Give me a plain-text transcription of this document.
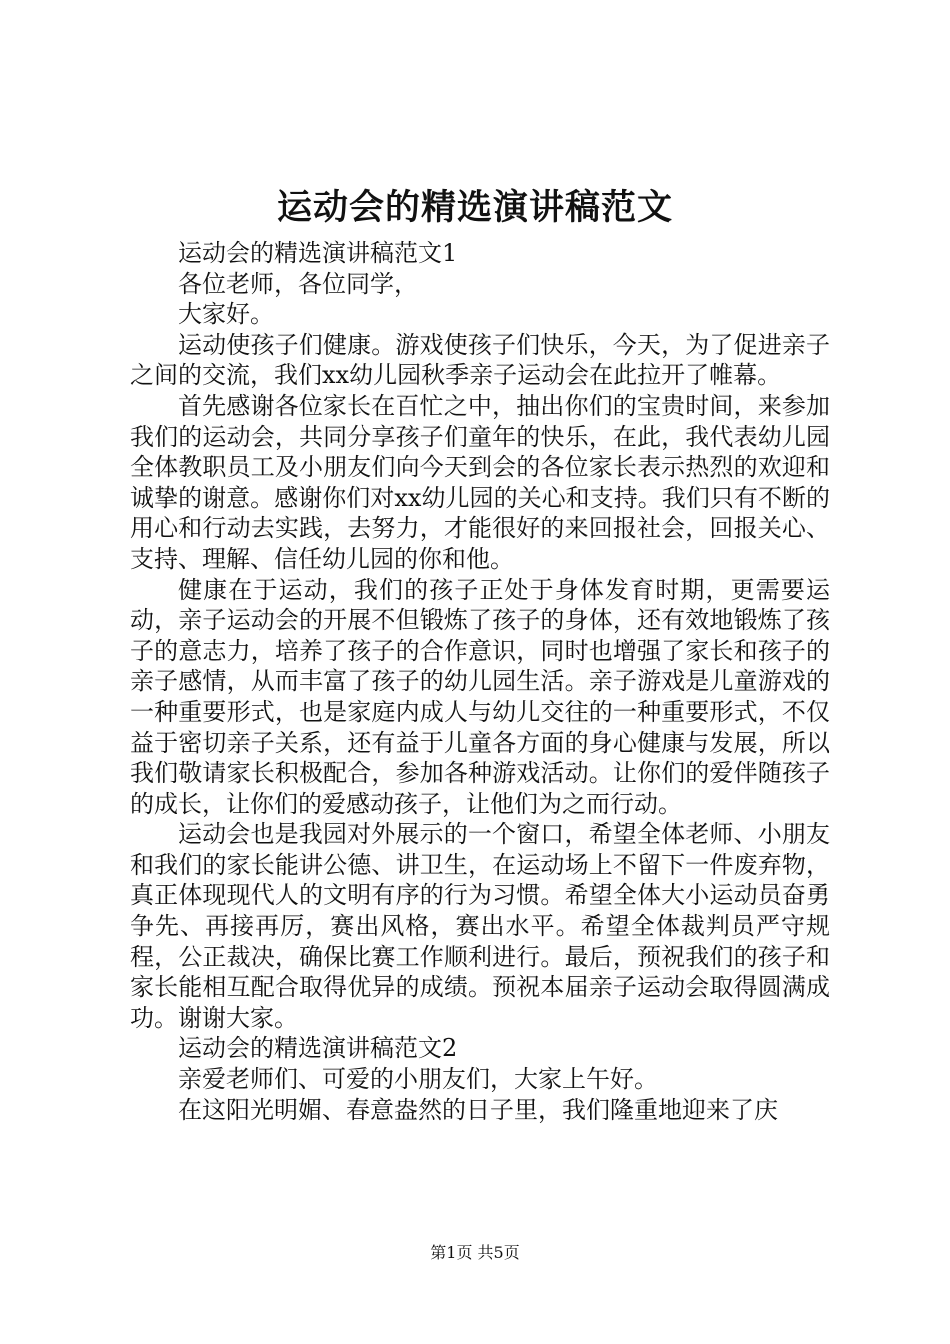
运动会的精选演讲稿范文

运动会的精选演讲稿范文1

各位老师，各位同学，

大家好。

运动使孩子们健康。游戏使孩子们快乐，今天，为了促进亲子之间的交流，我们xx幼儿园秋季亲子运动会在此拉开了帷幕。

首先感谢各位家长在百忙之中，抽出你们的宝贵时间，来参加我们的运动会，共同分享孩子们童年的快乐，在此，我代表幼儿园全体教职员工及小朋友们向今天到会的各位家长表示热烈的欢迎和诚挚的谢意。感谢你们对xx幼儿园的关心和支持。我们只有不断的用心和行动去实践，去努力，才能很好的来回报社会，回报关心、支持、理解、信任幼儿园的你和他。

健康在于运动，我们的孩子正处于身体发育时期，更需要运动，亲子运动会的开展不但锻炼了孩子的身体，还有效地锻炼了孩子的意志力，培养了孩子的合作意识，同时也增强了家长和孩子的亲子感情，从而丰富了孩子的幼儿园生活。亲子游戏是儿童游戏的一种重要形式，也是家庭内成人与幼儿交往的一种重要形式，不仅益于密切亲子关系，还有益于儿童各方面的身心健康与发展，所以我们敬请家长积极配合，参加各种游戏活动。让你们的爱伴随孩子的成长，让你们的爱感动孩子，让他们为之而行动。

运动会也是我园对外展示的一个窗口，希望全体老师、小朋友和我们的家长能讲公德、讲卫生，在运动场上不留下一件废弃物，真正体现现代人的文明有序的行为习惯。希望全体大小运动员奋勇争先、再接再厉，赛出风格，赛出水平。希望全体裁判员严守规程，公正裁决，确保比赛工作顺利进行。最后，预祝我们的孩子和家长能相互配合取得优异的成绩。预祝本届亲子运动会取得圆满成功。谢谢大家。

运动会的精选演讲稿范文2

亲爱老师们、可爱的小朋友们，大家上午好。

在这阳光明媚、春意盎然的日子里，我们隆重地迎来了庆

第1页 共5页
